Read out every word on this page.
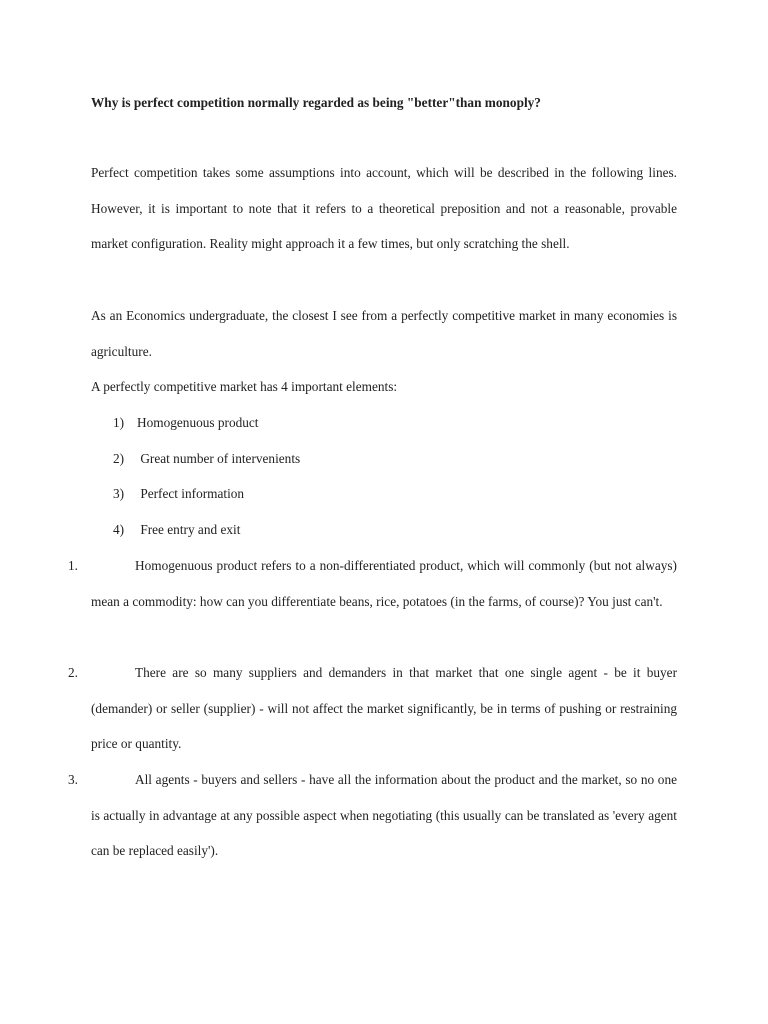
Why is perfect competition normally regarded as being "better"than monoply?

Perfect competition takes some assumptions into account, which will be described in the following lines. However, it is important to note that it refers to a theoretical preposition and not a reasonable, provable market configuration. Reality might approach it a few times, but only scratching the shell.

As an Economics undergraduate, the closest I see from a perfectly competitive market in many economies is agriculture.

A perfectly competitive market has 4 important elements:

1) Homogenuous product
2) Great number of intervenients
3) Perfect information
4) Free entry and exit
1.	Homogenuous product refers to a non-differentiated product, which will commonly (but not always) mean a commodity: how can you differentiate beans, rice, potatoes (in the farms, of course)? You just can't.

2.	There are so many suppliers and demanders in that market that one single agent - be it buyer (demander) or seller (supplier) - will not affect the market significantly, be in terms of pushing or restraining price or quantity.

3.	All agents - buyers and sellers - have all the information about the product and the market, so no one is actually in advantage at any possible aspect when negotiating (this usually can be translated as 'every agent can be replaced easily').
